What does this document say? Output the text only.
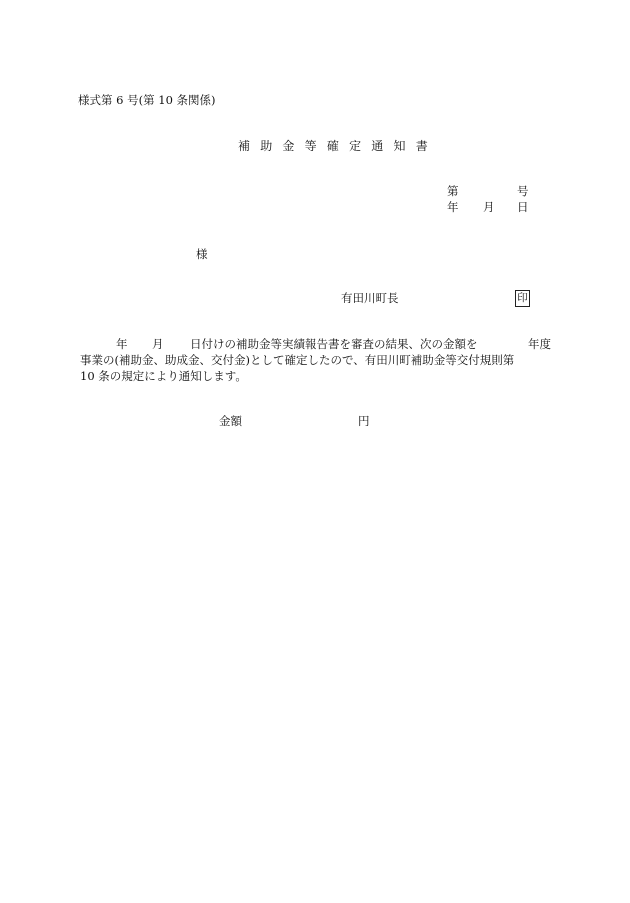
様式第 6 号(第 10 条関係)
補 助 金 等 確 定 通 知 書
第	号
年 月 日
様
有田川町長	印
年 月 日付けの補助金等実績報告書を審査の結果、次の金額を	年度
事業の(補助金、助成金、交付金)として確定したので、有田川町補助金等交付規則第
10 条の規定により通知します。
金額	円
